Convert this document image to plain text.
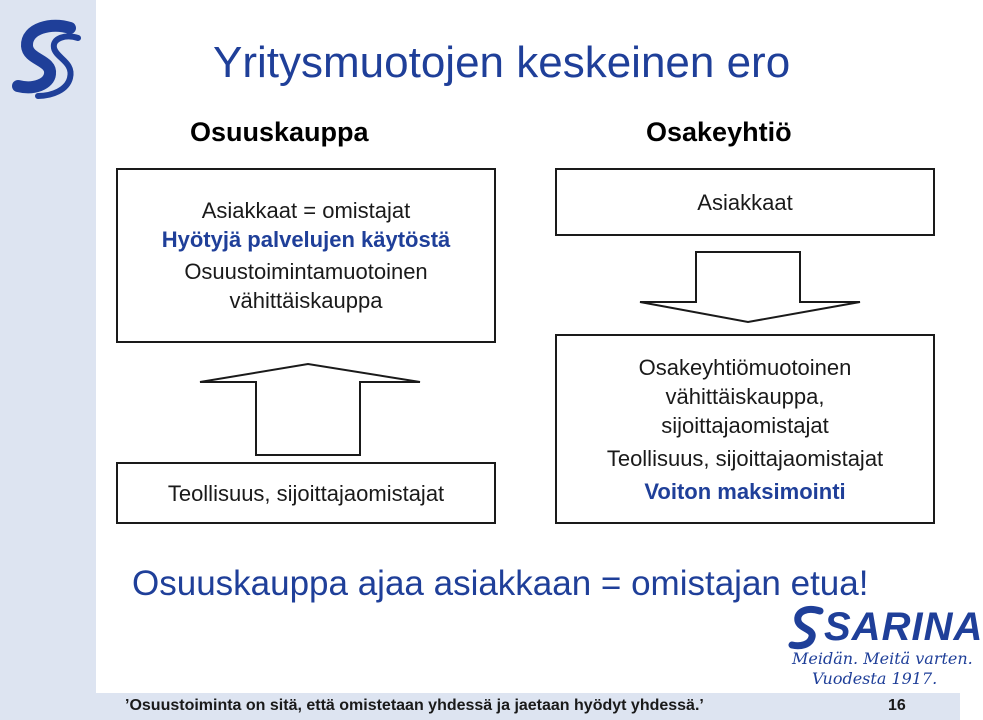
Yritysmuotojen keskeinen ero
Osuuskauppa	Osakeyhtiö
Asiakkaat = omistajat
Hyötyjä palvelujen käytöstä
Osuustoimintamuotoinen
vähittäiskauppa
Teollisuus, sijoittajaomistajat
Asiakkaat
Osakeyhtiömuotoinen
vähittäiskauppa,
sijoittajaomistajat
Teollisuus, sijoittajaomistajat
Voiton maksimointi
Osuuskauppa ajaa asiakkaan = omistajan etua!
SARINA
Meidän. Meitä varten.
Vuodesta 1917.
’Osuustoiminta on sitä, että omistetaan yhdessä ja jaetaan hyödyt yhdessä.’	16
